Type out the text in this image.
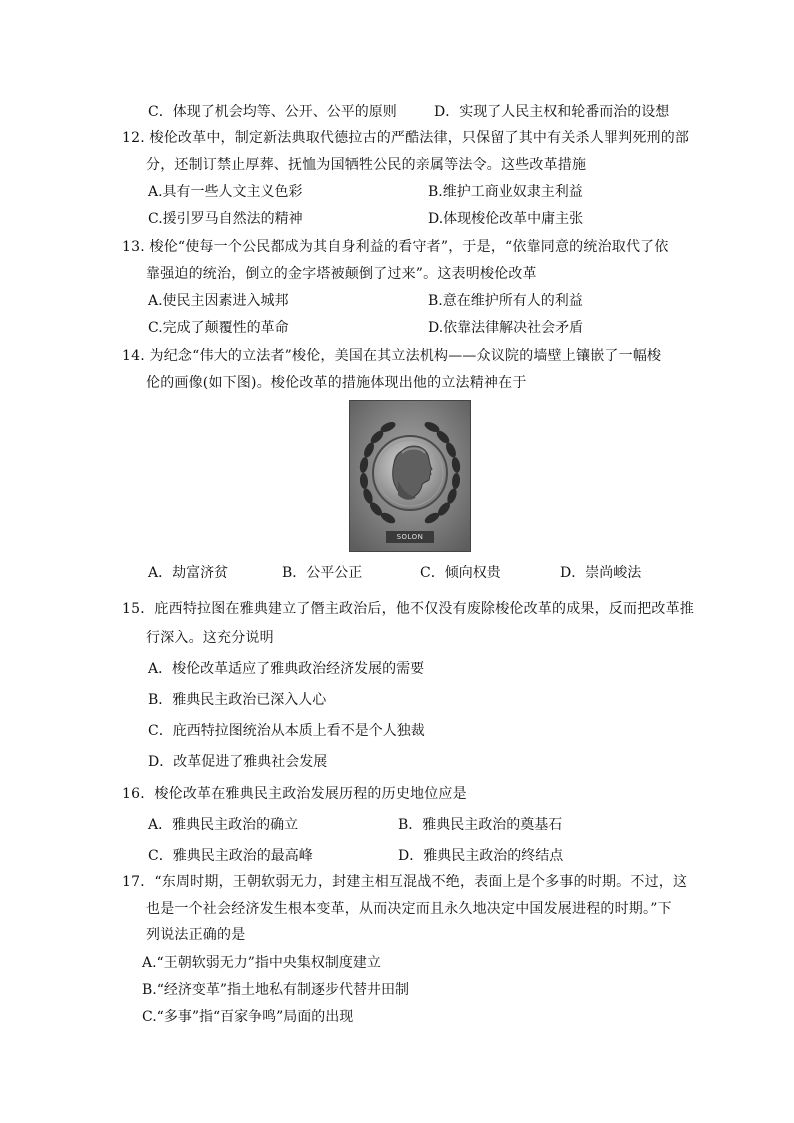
C．体现了机会均等、公开、公平的原则	D．实现了人民主权和轮番而治的设想
12. 梭伦改革中，制定新法典取代德拉古的严酷法律，只保留了其中有关杀人罪判死刑的部
分，还制订禁止厚葬、抚恤为国牺牲公民的亲属等法令。这些改革措施
A.具有一些人文主义色彩	B.维护工商业奴隶主利益
C.援引罗马自然法的精神	D.体现梭伦改革中庸主张
13. 梭伦“使每一个公民都成为其自身利益的看守者”，于是，“依靠同意的统治取代了依
靠强迫的统治，倒立的金字塔被颠倒了过来”。这表明梭伦改革
A.使民主因素进入城邦	B.意在维护所有人的利益
C.完成了颠覆性的革命	D.依靠法律解决社会矛盾
14. 为纪念“伟大的立法者”梭伦，美国在其立法机构——众议院的墙壁上镶嵌了一幅梭
伦的画像(如下图)。梭伦改革的措施体现出他的立法精神在于
SOLON
A．劫富济贫	B．公平公正	C．倾向权贵	D．崇尚峻法
15．庇西特拉图在雅典建立了僭主政治后，他不仅没有废除梭伦改革的成果，反而把改革推
行深入。这充分说明
A．梭伦改革适应了雅典政治经济发展的需要
B．雅典民主政治已深入人心
C．庇西特拉图统治从本质上看不是个人独裁
D．改革促进了雅典社会发展
16．梭伦改革在雅典民主政治发展历程的历史地位应是
A．雅典民主政治的确立	B．雅典民主政治的奠基石
C．雅典民主政治的最高峰	D．雅典民主政治的终结点
17．“东周时期，王朝软弱无力，封建主相互混战不绝，表面上是个多事的时期。不过，这
也是一个社会经济发生根本变革，从而决定而且永久地决定中国发展进程的时期。”下
列说法正确的是
A.“王朝软弱无力”指中央集权制度建立
B.“经济变革”指土地私有制逐步代替井田制
C.“多事”指“百家争鸣”局面的出现
